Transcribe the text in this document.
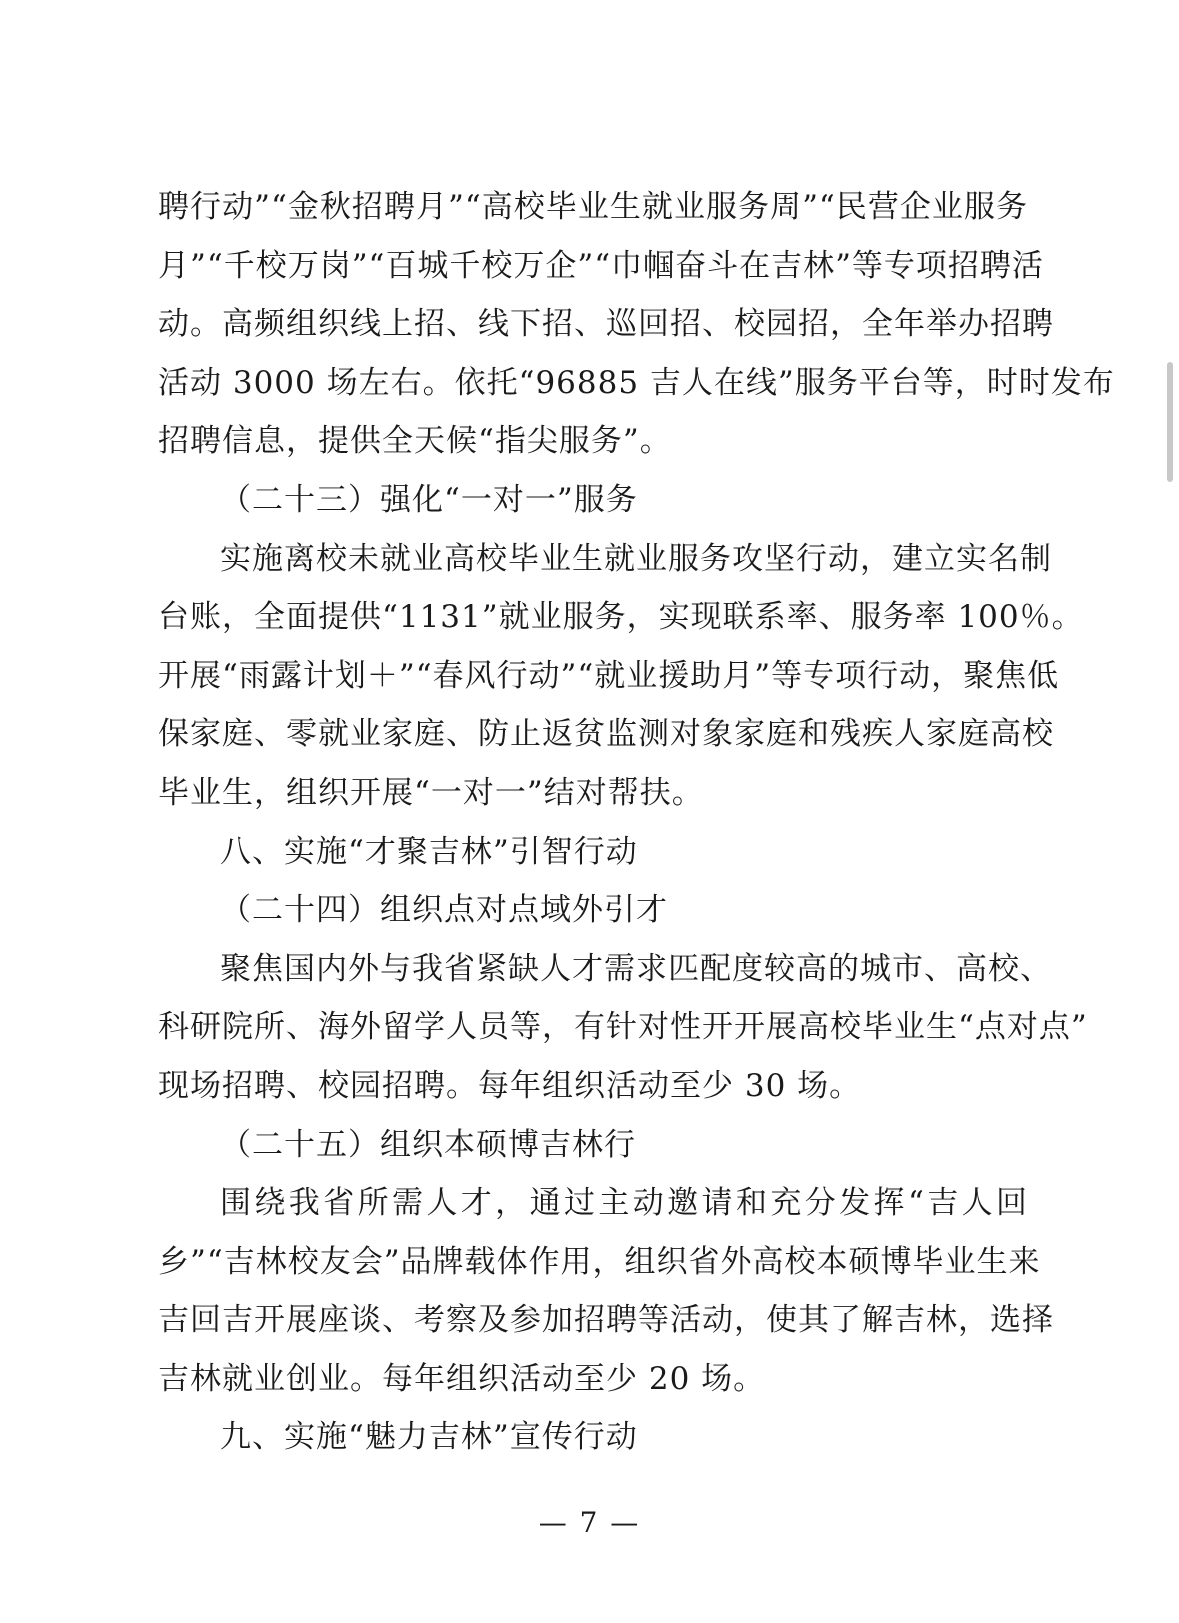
聘行动”“金秋招聘月”“高校毕业生就业服务周”“民营企业服务
月”“千校万岗”“百城千校万企”“巾帼奋斗在吉林”等专项招聘活
动。高频组织线上招、线下招、巡回招、校园招，全年举办招聘
活动 3000 场左右。依托“96885 吉人在线”服务平台等，时时发布
招聘信息，提供全天候“指尖服务”。
（二十三）强化“一对一”服务
实施离校未就业高校毕业生就业服务攻坚行动，建立实名制
台账，全面提供“1131”就业服务，实现联系率、服务率 100％。
开展“雨露计划＋”“春风行动”“就业援助月”等专项行动，聚焦低
保家庭、零就业家庭、防止返贫监测对象家庭和残疾人家庭高校
毕业生，组织开展“一对一”结对帮扶。
八、实施“才聚吉林”引智行动
（二十四）组织点对点域外引才
聚焦国内外与我省紧缺人才需求匹配度较高的城市、高校、
科研院所、海外留学人员等，有针对性开开展高校毕业生“点对点”
现场招聘、校园招聘。每年组织活动至少 30 场。
（二十五）组织本硕博吉林行
围绕我省所需人才，通过主动邀请和充分发挥“吉人回
乡”“吉林校友会”品牌载体作用，组织省外高校本硕博毕业生来
吉回吉开展座谈、考察及参加招聘等活动，使其了解吉林，选择
吉林就业创业。每年组织活动至少 20 场。
九、实施“魅力吉林”宣传行动
— 7 —
